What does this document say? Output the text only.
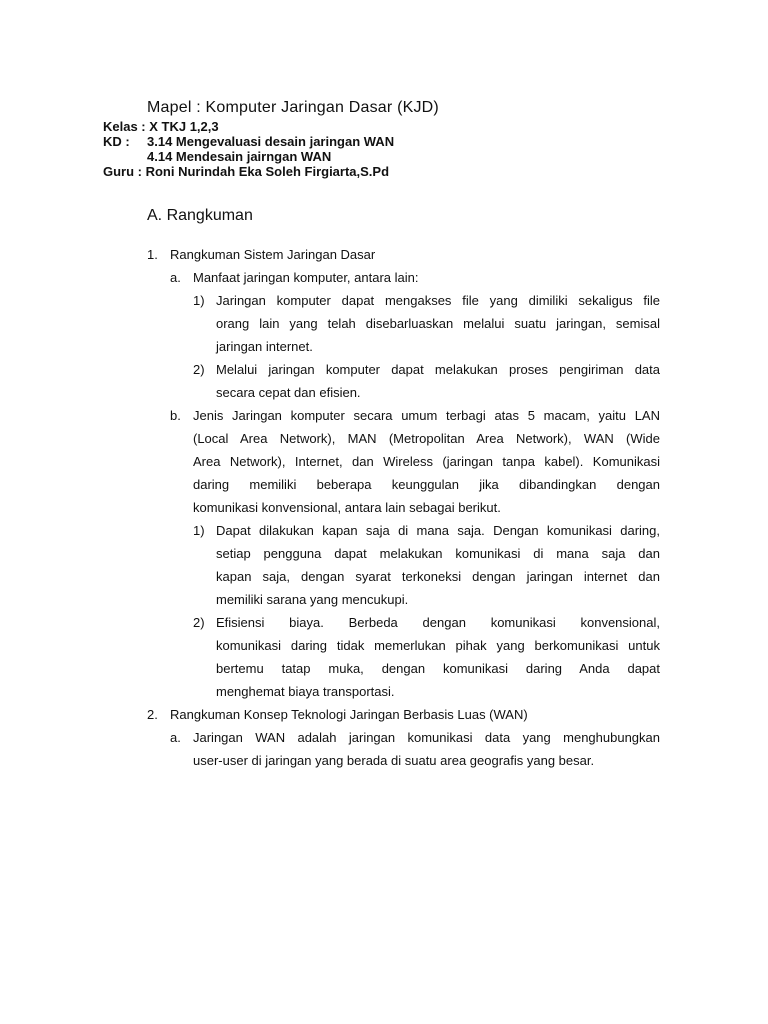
Mapel : Komputer Jaringan Dasar (KJD)
Kelas : X TKJ 1,2,3
KD : 3.14 Mengevaluasi desain jaringan WAN
4.14 Mendesain jairngan WAN
Guru : Roni Nurindah Eka Soleh Firgiarta,S.Pd
A. Rangkuman
1. Rangkuman Sistem Jaringan Dasar
a. Manfaat jaringan komputer, antara lain:
1) Jaringan komputer dapat mengakses file yang dimiliki sekaligus file
orang lain yang telah disebarluaskan melalui suatu jaringan, semisal
jaringan internet.
2) Melalui jaringan komputer dapat melakukan proses pengiriman data
secara cepat dan efisien.
b. Jenis Jaringan komputer secara umum terbagi atas 5 macam, yaitu LAN
(Local Area Network), MAN (Metropolitan Area Network), WAN (Wide
Area Network), Internet, dan Wireless (jaringan tanpa kabel). Komunikasi
daring memiliki beberapa keunggulan jika dibandingkan dengan
komunikasi konvensional, antara lain sebagai berikut.
1) Dapat dilakukan kapan saja di mana saja. Dengan komunikasi daring,
setiap pengguna dapat melakukan komunikasi di mana saja dan
kapan saja, dengan syarat terkoneksi dengan jaringan internet dan
memiliki sarana yang mencukupi.
2) Efisiensi biaya. Berbeda dengan komunikasi konvensional,
komunikasi daring tidak memerlukan pihak yang berkomunikasi untuk
bertemu tatap muka, dengan komunikasi daring Anda dapat
menghemat biaya transportasi.
2. Rangkuman Konsep Teknologi Jaringan Berbasis Luas (WAN)
a. Jaringan WAN adalah jaringan komunikasi data yang menghubungkan
user-user di jaringan yang berada di suatu area geografis yang besar.
